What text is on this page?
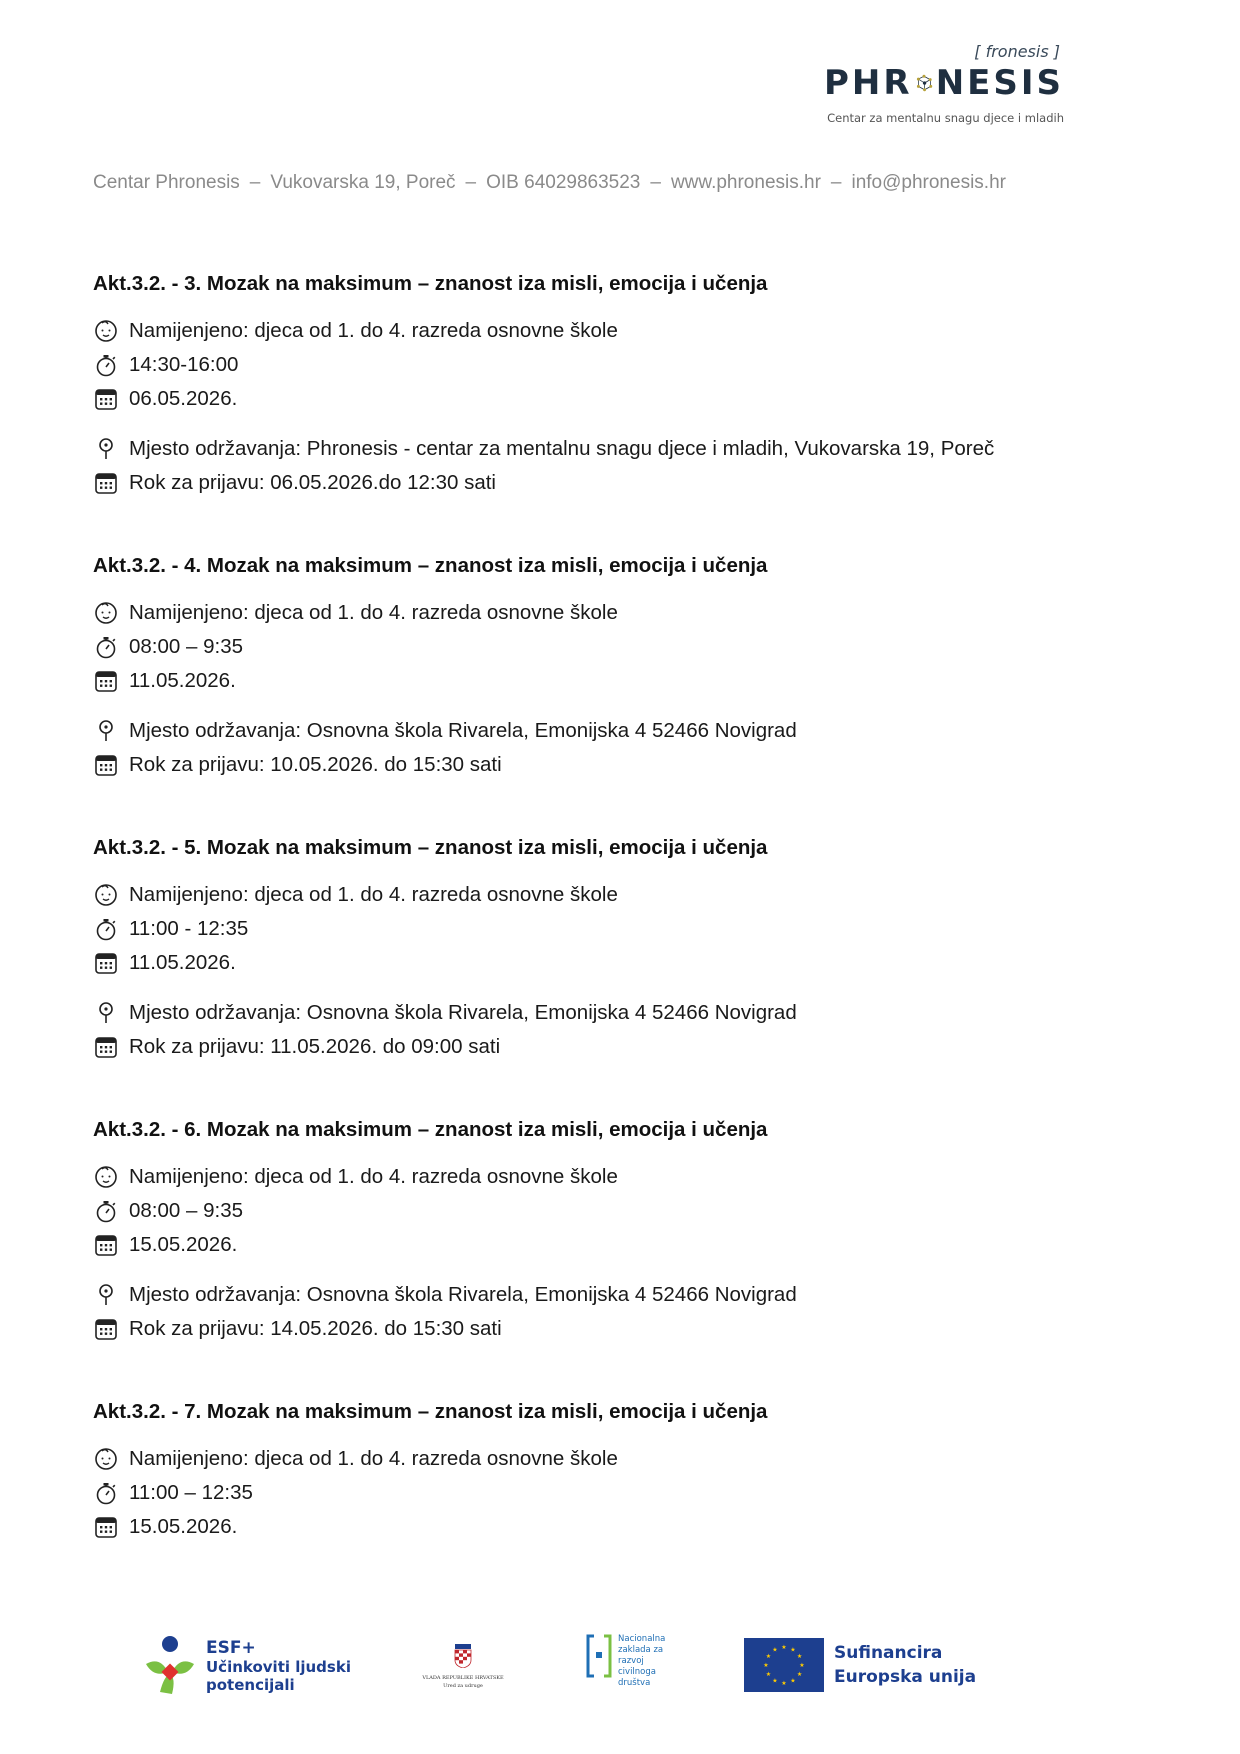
[ fronesis ]
PHR NESIS
Centar za mentalnu snagu djece i mladih
Centar Phronesis – Vukovarska 19, Poreč – OIB 64029863523 – www.phronesis.hr – info@phronesis.hr
Akt.3.2. - 3. Mozak na maksimum – znanost iza misli, emocija i učenja
Namijenjeno: djeca od 1. do 4. razreda osnovne škole
14:30-16:00
06.05.2026.
Mjesto održavanja: Phronesis - centar za mentalnu snagu djece i mladih, Vukovarska 19, Poreč
Rok za prijavu: 06.05.2026.do 12:30 sati
Akt.3.2. - 4. Mozak na maksimum – znanost iza misli, emocija i učenja
Namijenjeno: djeca od 1. do 4. razreda osnovne škole
08:00 – 9:35
11.05.2026.
Mjesto održavanja: Osnovna škola Rivarela, Emonijska 4 52466 Novigrad
Rok za prijavu: 10.05.2026. do 15:30 sati
Akt.3.2. - 5. Mozak na maksimum – znanost iza misli, emocija i učenja
Namijenjeno: djeca od 1. do 4. razreda osnovne škole
11:00 - 12:35
11.05.2026.
Mjesto održavanja: Osnovna škola Rivarela, Emonijska 4 52466 Novigrad
Rok za prijavu: 11.05.2026. do 09:00 sati
Akt.3.2. - 6. Mozak na maksimum – znanost iza misli, emocija i učenja
Namijenjeno: djeca od 1. do 4. razreda osnovne škole
08:00 – 9:35
15.05.2026.
Mjesto održavanja: Osnovna škola Rivarela, Emonijska 4 52466 Novigrad
Rok za prijavu: 14.05.2026. do 15:30 sati
Akt.3.2. - 7. Mozak na maksimum – znanost iza misli, emocija i učenja
Namijenjeno: djeca od 1. do 4. razreda osnovne škole
11:00 – 12:35
15.05.2026.
ESF+
Učinkoviti ljudski
potencijali	VLADA REPUBLIKE HRVATSKE
Ured za udruge
Nacionalna
zaklada za
razvoj
civilnoga
društva
★ ★
★
★
★
★
★
★
★
★
★
★	Sufinancira
Europska unija
